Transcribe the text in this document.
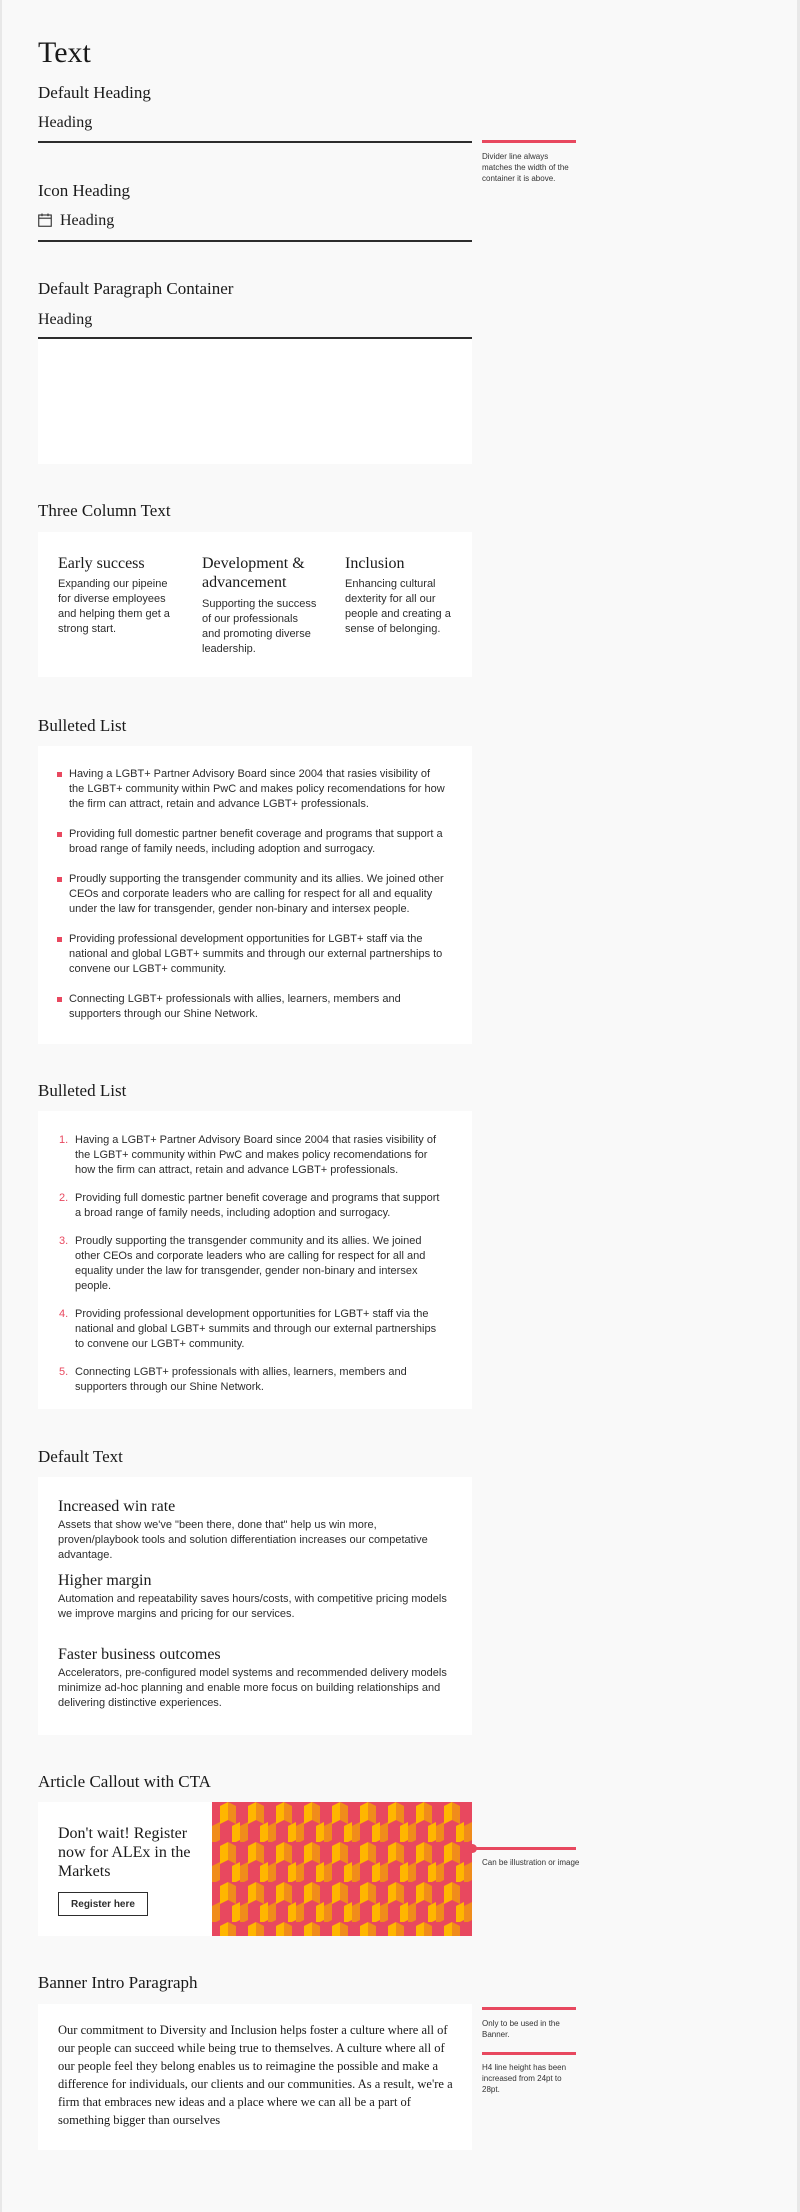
Text
Default Heading
Heading
Divider line always matches the width of the container it is above.
Icon Heading
Heading
Default Paragraph Container
Heading
Three Column Text
Early success

Expanding our pipeine for diverse employees and helping them get a strong start.

Development & advancement

Supporting the success of our professionals and promoting diverse leadership.

Inclusion

Enhancing cultural dexterity for all our people and creating a sense of belonging.

Bulleted List
Having a LGBT+ Partner Advisory Board since 2004 that rasies visibility of the LGBT+ community within PwC and makes policy recomendations for how the firm can attract, retain and advance LGBT+ professionals.
Providing full domestic partner benefit coverage and programs that support a broad range of family needs, including adoption and surrogacy.
Proudly supporting the transgender community and its allies. We joined other CEOs and corporate leaders who are calling for respect for all and equality under the law for transgender, gender non-binary and intersex people.
Providing professional development opportunities for LGBT+ staff via the national and global LGBT+ summits and through our external partnerships to convene our LGBT+ community.
Connecting LGBT+ professionals with allies, learners, members and supporters through our Shine Network.
Bulleted List
1. Having a LGBT+ Partner Advisory Board since 2004 that rasies visibility of the LGBT+ community within PwC and makes policy recomendations for how the firm can attract, retain and advance LGBT+ professionals.
2. Providing full domestic partner benefit coverage and programs that support a broad range of family needs, including adoption and surrogacy.
3. Proudly supporting the transgender community and its allies. We joined other CEOs and corporate leaders who are calling for respect for all and equality under the law for transgender, gender non-binary and intersex people.
4. Providing professional development opportunities for LGBT+ staff via the national and global LGBT+ summits and through our external partnerships to convene our LGBT+ community.
5. Connecting LGBT+ professionals with allies, learners, members and supporters through our Shine Network.
Default Text
Increased win rate

Assets that show we've "been there, done that" help us win more, proven/playbook tools and solution differentiation increases our competative advantage.

Higher margin

Automation and repeatability saves hours/costs, with competitive pricing models we improve margins and pricing for our services.

Faster business outcomes

Accelerators, pre-configured model systems and recommended delivery models minimize ad-hoc planning and enable more focus on building relationships and delivering distinctive experiences.

Article Callout with CTA
Don't wait! Register now for ALEx in the Markets
Register here
Can be illustration or image
Banner Intro Paragraph

Our commitment to Diversity and Inclusion helps foster a culture where all of our people can succeed while being true to themselves. A culture where all of our people feel they belong enables us to reimagine the possible and make a difference for individuals, our clients and our communities. As a result, we're a firm that embraces new ideas and a place where we can all be a part of something bigger than ourselves

Only to be used in the Banner.
H4 line height has been increased from 24pt to 28pt.
